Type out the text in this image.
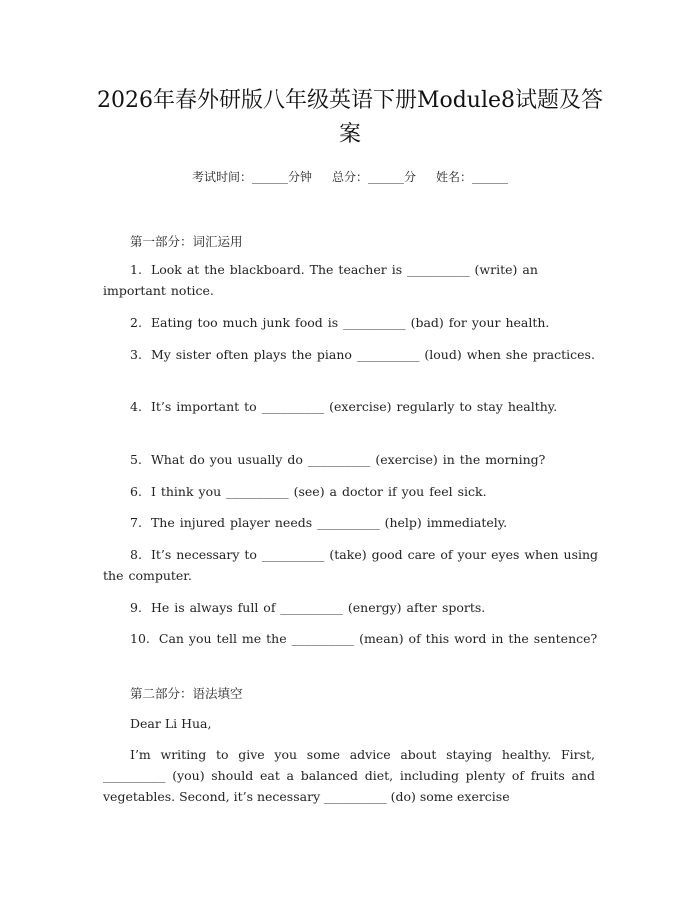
2026年春外研版八年级英语下册Module8试题及答案
考试时间：______分钟 总分：______分 姓名：______
第一部分：词汇运用
1. Look at the blackboard. The teacher is __________ (write) an important notice.
2. Eating too much junk food is __________ (bad) for your health.
3. My sister often plays the piano __________ (loud) when she practices.
4. It’s important to __________ (exercise) regularly to stay healthy.
5. What do you usually do __________ (exercise) in the morning?
6. I think you __________ (see) a doctor if you feel sick.
7. The injured player needs __________ (help) immediately.
8. It’s necessary to __________ (take) good care of your eyes when using the computer.
9. He is always full of __________ (energy) after sports.
10. Can you tell me the __________ (mean) of this word in the sentence?
第二部分：语法填空
Dear Li Hua,
I’m writing to give you some advice about staying healthy. First, __________ (you) should eat a balanced diet, including plenty of fruits and vegetables. Second, it’s necessary __________ (do) some exercise
